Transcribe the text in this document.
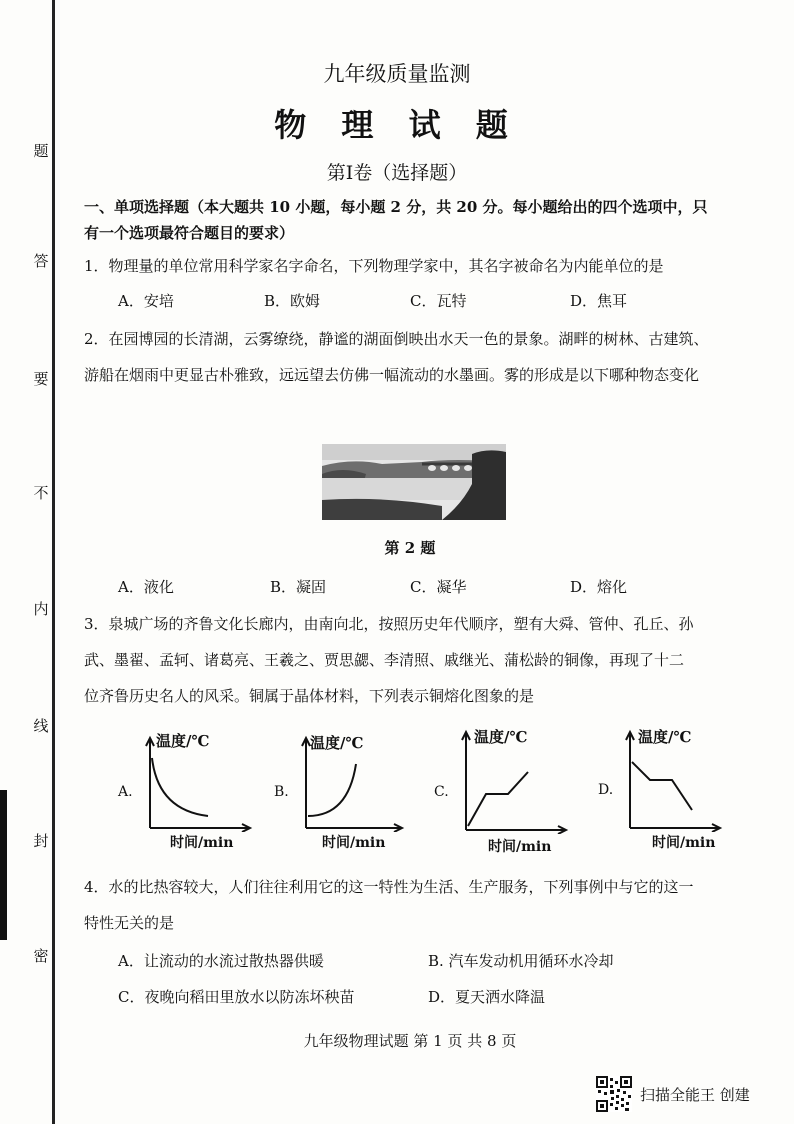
题
答
要
不
内
线
封
密
九年级质量监测
物 理 试 题
第Ⅰ卷（选择题）
一、单项选择题（本大题共 10 小题，每小题 2 分，共 20 分。每小题给出的四个选项中，只
有一个选项最符合题目的要求）
1．物理量的单位常用科学家名字命名，下列物理学家中，其名字被命名为内能单位的是
A．安培	B．欧姆	C．瓦特	D．焦耳
2．在园博园的长清湖，云雾缭绕，静谧的湖面倒映出水天一色的景象。湖畔的树林、古建筑、
游船在烟雨中更显古朴雅致，远远望去仿佛一幅流动的水墨画。雾的形成是以下哪种物态变化
第 2 题
A．液化	B．凝固	C．凝华	D．熔化
3．泉城广场的齐鲁文化长廊内，由南向北，按照历史年代顺序，塑有大舜、管仲、孔丘、孙
武、墨翟、孟轲、诸葛亮、王羲之、贾思勰、李清照、戚继光、蒲松龄的铜像，再现了十二
位齐鲁历史名人的风采。铜属于晶体材料，下列表示铜熔化图象的是
A.
温度/℃
时间/min
B.
温度/℃
时间/min
C.
温度/℃
时间/min
D.
温度/℃
时间/min
4．水的比热容较大，人们往往利用它的这一特性为生活、生产服务，下列事例中与它的这一
特性无关的是
A．让流动的水流过散热器供暖	B. 汽车发动机用循环水冷却
C．夜晚向稻田里放水以防冻坏秧苗	D．夏天洒水降温
九年级物理试题 第 1 页 共 8 页
扫描全能王 创建
